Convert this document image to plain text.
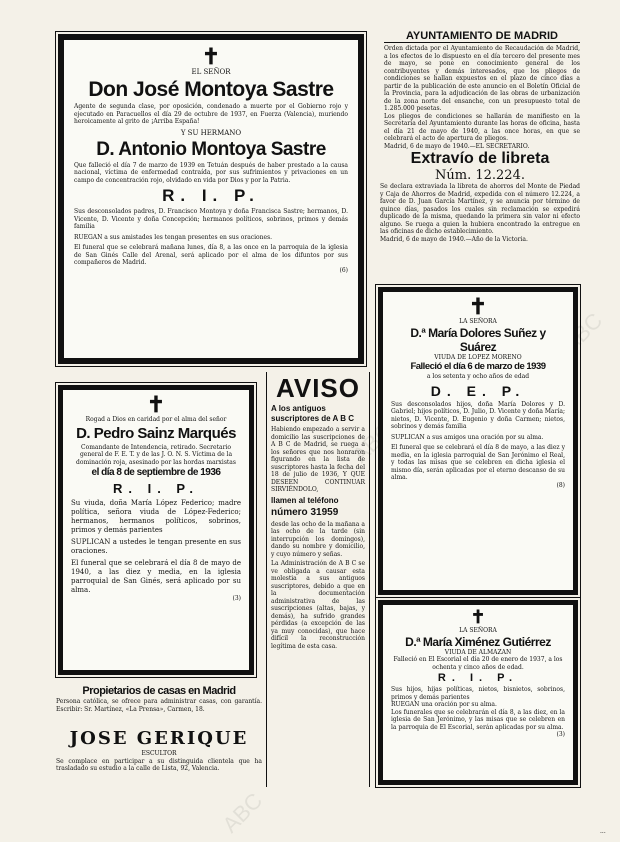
ABC
ABC
ABC
...
✝
EL SEÑOR
Don José Montoya Sastre

Agente de segunda clase, por oposición, condenado a muerte por el Gobierno rojo y ejecutado en Paracuellos el día 29 de octubre de 1937, en Fuerza (Valencia), muriendo heroicamente al grito de ¡Arriba España!

Y SU HERMANO
D. Antonio Montoya Sastre

Que falleció el día 7 de marzo de 1939 en Tetuán después de haber prestado a la causa nacional, víctima de enfermedad contraída, por sus sufrimientos y privaciones en un campo de concentración rojo, olvidado en vida por Dios y por la Patria.

R. I. P.

Sus desconsolados padres, D. Francisco Montoya y doña Francisca Sastre; hermanos, D. Vicente, D. Vicente y doña Concepción; hermanos políticos, sobrinos, primos y demás familia

RUEGAN a sus amistades les tengan presentes en sus oraciones.

El funeral que se celebrará mañana lunes, día 8, a las once en la parroquia de la iglesia de San Ginés Calle del Arenal, será aplicado por el alma de los difuntos por sus compañeros de Madrid.

(6)
AYUNTAMIENTO DE MADRID

Orden dictada por el Ayuntamiento de Recaudación de Madrid, a los efectos de lo dispuesto en el día tercero del presente mes de mayo, se pone en conocimiento general de los contribuyentes y demás interesados, que los pliegos de condiciones se hallan expuestos en el plazo de cinco días a partir de la publicación de este anuncio en el Boletín Oficial de la Provincia, para la adjudicación de las obras de urbanización de la zona norte del ensanche, con un presupuesto total de 1.285.000 pesetas.

Los pliegos de condiciones se hallarán de manifiesto en la Secretaría del Ayuntamiento durante las horas de oficina, hasta el día 21 de mayo de 1940, a las once horas, en que se celebrará el acto de apertura de pliegos.

Madrid, 6 de mayo de 1940.—EL SECRETARIO.

Extravío de libreta
Núm. 12.224.

Se declara extraviada la libreta de ahorros del Monte de Piedad y Caja de Ahorros de Madrid, expedida con el número 12.224, a favor de D. Juan García Martínez, y se anuncia por término de quince días, pasados los cuales sin reclamación se expedirá duplicado de la misma, quedando la primera sin valor ni efecto alguno. Se ruega a quien la hubiera encontrado la entregue en las oficinas de dicho establecimiento.

Madrid, 6 de mayo de 1940.—Año de la Victoria.

✝
LA SEÑORA
D.ª María Dolores Suñez y Suárez
VIUDA DE LOPEZ MORENO
Falleció el día 6 de marzo de 1939
a los setenta y ocho años de edad
D. E. P.

Sus desconsolados hijos, doña María Dolores y D. Gabriel; hijos políticos, D. Julio, D. Vicente y doña María; nietos, D. Vicente, D. Eugenio y doña Carmen; nietos, sobrinos y demás familia

SUPLICAN a sus amigos una oración por su alma.

El funeral que se celebrará el día 8 de mayo, a las diez y media, en la iglesia parroquial de San Jerónimo el Real, y todas las misas que se celebren en dicha iglesia el mismo día, serán aplicadas por el eterno descanso de su alma.

(8)
✝
Rogad a Dios en caridad por el alma del señor
D. Pedro Sainz Marqués

Comandante de Intendencia, retirado. Secretario general de F. E. T. y de las J. O. N. S. Víctima de la dominación roja, asesinado por las hordas marxistas

el día 8 de septiembre de 1936
R. I. P.

Su viuda, doña María López Federico; madre política, señora viuda de López-Federico; hermanos, hermanos políticos, sobrinos, primos y demás parientes

SUPLICAN a ustedes le tengan presente en sus oraciones.

El funeral que se celebrará el día 8 de mayo de 1940, a las diez y media, en la iglesia parroquial de San Ginés, será aplicado por su alma.

(3)
AVISO

A los antiguos suscriptores de A B C

Habiendo empezado a servir a domicilio las suscripciones de A B C de Madrid, se ruega a los señores que nos honraron figurando en la lista de suscriptores hasta la fecha del 18 de julio de 1936, Y QUE DESEEN CONTINUAR SIRVIÉNDOLO,

llamen al teléfono

número 31959

desde las ocho de la mañana a las ocho de la tarde (sin interrupción los domingos), dando su nombre y domicilio, y cuyo número y señas.

La Administración de A B C se ve obligada a causar esta molestia a sus antiguos suscriptores, debido a que en la documentación administrativa de las suscripciones (altas, bajas, y demás), ha sufrido grandes pérdidas (a excepción de las ya muy conocidas), que hace difícil la reconstrucción legítima de esta casa.

Propietarios de casas en Madrid

Persona católica, se ofrece para administrar casas, con garantía. Escribir: Sr. Martínez, «La Prensa», Carmen, 18.

JOSE GERIQUE
ESCULTOR

Se complace en participar a su distinguida clientela que ha trasladado su estudio a la calle de Lista, 92, Valencia.

✝
LA SEÑORA
D.ª María Ximénez Gutiérrez
VIUDA DE ALMAZAN

Falleció en El Escorial el día 20 de enero de 1937, a los ochenta y cinco años de edad.

R. I. P.

Sus hijos, hijas políticas, nietos, bisnietos, sobrinos, primos y demás parientes

RUEGAN una oración por su alma.

Los funerales que se celebrarán el día 8, a las diez, en la iglesia de San Jerónimo, y las misas que se celebren en la parroquia de El Escorial, serán aplicadas por su alma.

(3)
